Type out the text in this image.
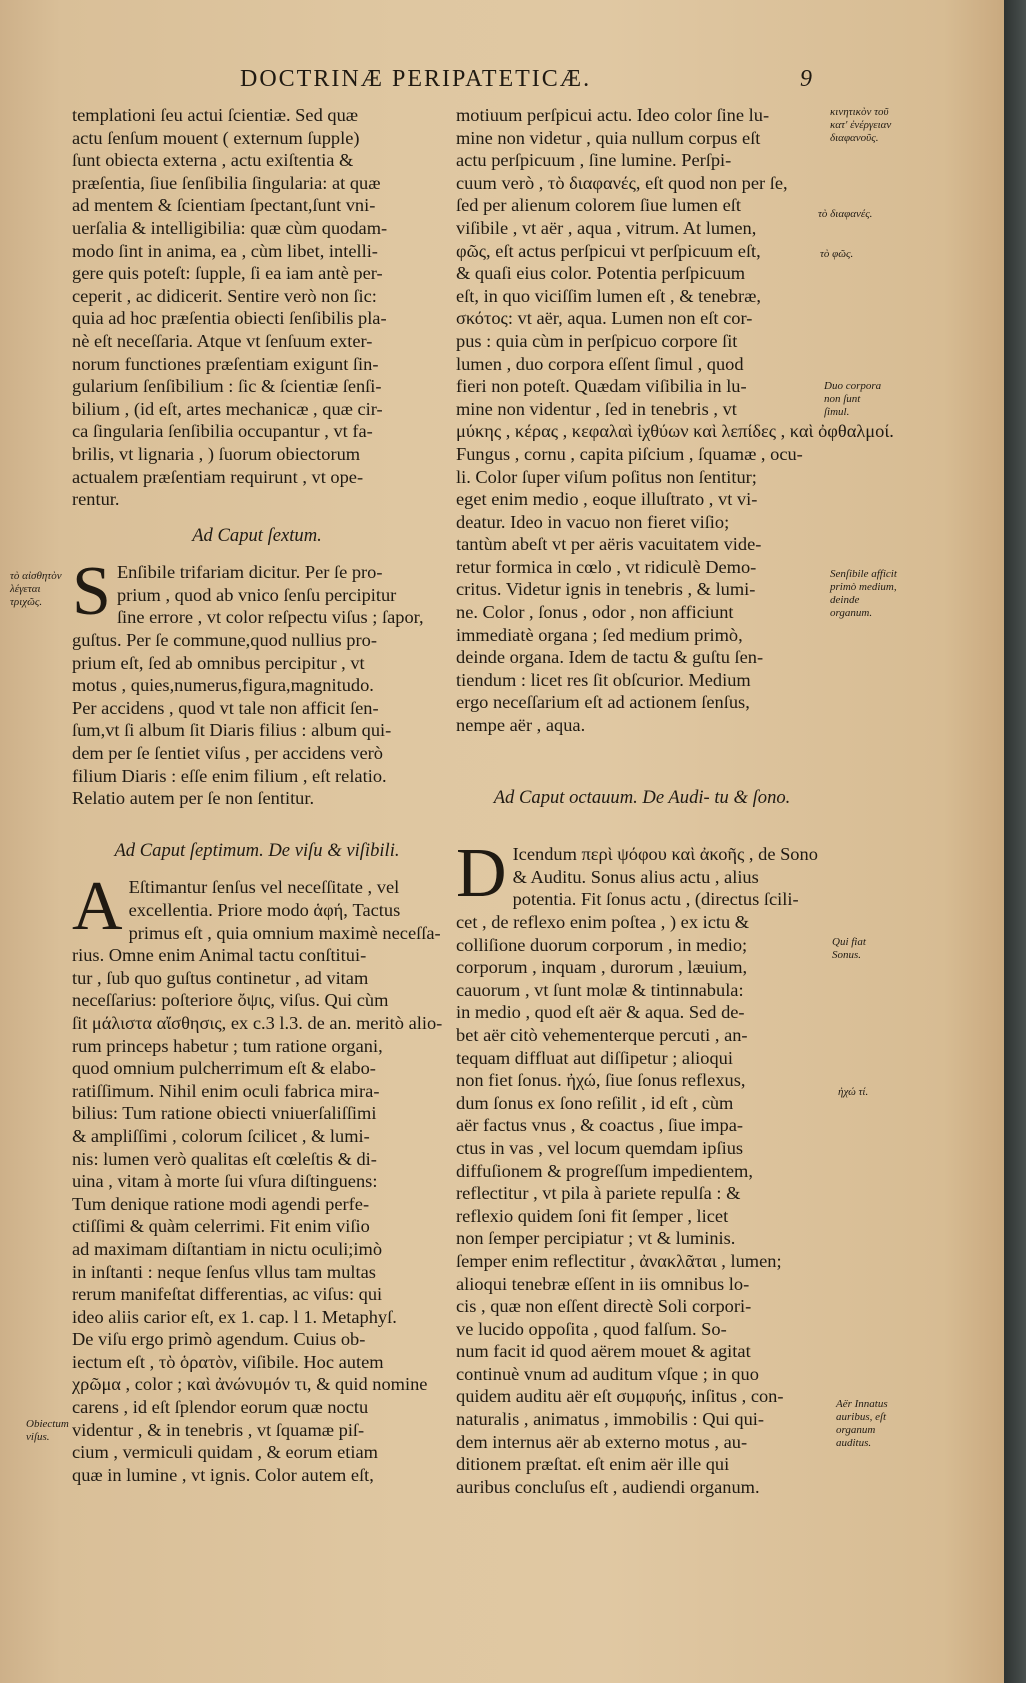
DOCTRINÆ PERIPATETICÆ.	9

templationi ſeu actui ſcientiæ. Sed quæ

actu ſenſum mouent ( externum ſupple)

ſunt obiecta externa , actu exiſtentia &

præſentia, ſiue ſenſibilia ſingularia: at quæ

ad mentem & ſcientiam ſpectant,ſunt vni-

uerſalia & intelligibilia: quæ cùm quodam-

modo ſint in anima, ea , cùm libet, intelli-

gere quis poteſt: ſupple, ſi ea iam antè per-

ceperit , ac didicerit. Sentire verò non ſic:

quia ad hoc præſentia obiecti ſenſibilis pla-

nè eſt neceſſaria. Atque vt ſenſuum exter-

norum functiones præſentiam exigunt ſin-

gularium ſenſibilium : ſic & ſcientiæ ſenſi-

bilium , (id eſt, artes mechanicæ , quæ cir-

ca ſingularia ſenſibilia occupantur , vt fa-

brilis, vt lignaria , ) ſuorum obiectorum

actualem præſentiam requirunt , vt ope-

rentur.

Ad Caput ſextum.
S Enſibile trifariam dicitur. Per ſe pro-

prium , quod ab vnico ſenſu percipitur

ſine errore , vt color reſpectu viſus ; ſapor,

guſtus. Per ſe commune,quod nullius pro-

prium eſt, ſed ab omnibus percipitur , vt

motus , quies,numerus,figura,magnitudo.

Per accidens , quod vt tale non afficit ſen-

ſum,vt ſi album ſit Diaris filius : album qui-

dem per ſe ſentiet viſus , per accidens verò

filium Diaris : eſſe enim filium , eſt relatio.

Relatio autem per ſe non ſentitur.

Ad Caput ſeptimum. De viſu & viſibili.
A Eſtimantur ſenſus vel neceſſitate , vel

excellentia. Priore modo ἁφή, Tactus

primus eſt , quia omnium maximè neceſſa-

rius. Omne enim Animal tactu conſtitui-

tur , ſub quo guſtus continetur , ad vitam

neceſſarius: poſteriore ὄψις, viſus. Qui cùm

ſit μάλιστα αἴσθησις, ex c.3 l.3. de an. meritò alio-

rum princeps habetur ; tum ratione organi,

quod omnium pulcherrimum eſt & elabo-

ratiſſimum. Nihil enim oculi fabrica mira-

bilius: Tum ratione obiecti vniuerſaliſſimi

& ampliſſimi , colorum ſcilicet , & lumi-

nis: lumen verò qualitas eſt cœleſtis & di-

uina , vitam à morte ſui vſura diſtinguens:

Tum denique ratione modi agendi perfe-

ctiſſimi & quàm celerrimi. Fit enim viſio

ad maximam diſtantiam in nictu oculi;imò

in inſtanti : neque ſenſus vllus tam multas

rerum manifeſtat differentias, ac viſus: qui

ideo aliis carior eſt, ex 1. cap. l 1. Metaphyſ.

De viſu ergo primò agendum. Cuius ob-

iectum eſt , τὸ ὁρατὸν, viſibile. Hoc autem

χρῶμα , color ; καὶ ἀνώνυμόν τι, & quid nomine

carens , id eſt ſplendor eorum quæ noctu

videntur , & in tenebris , vt ſquamæ piſ-

cium , vermiculi quidam , & eorum etiam

quæ in lumine , vt ignis. Color autem eſt,

motiuum perſpicui actu. Ideo color ſine lu-

mine non videtur , quia nullum corpus eſt

actu perſpicuum , ſine lumine. Perſpi-

cuum verò , τὸ διαφανές, eſt quod non per ſe,

ſed per alienum colorem ſiue lumen eſt

viſibile , vt aër , aqua , vitrum. At lumen,

φῶς, eſt actus perſpicui vt perſpicuum eſt,

& quaſi eius color. Potentia perſpicuum

eſt, in quo viciſſim lumen eſt , & tenebræ,

σκότος: vt aër, aqua. Lumen non eſt cor-

pus : quia cùm in perſpicuo corpore ſit

lumen , duo corpora eſſent ſimul , quod

fieri non poteſt. Quædam viſibilia in lu-

mine non videntur , ſed in tenebris , vt

μύκης , κέρας , κεφαλαὶ ἰχθύων καὶ λεπίδες , καὶ ὀφθαλμοί.

Fungus , cornu , capita piſcium , ſquamæ , ocu-

li. Color ſuper viſum poſitus non ſentitur;

eget enim medio , eoque illuſtrato , vt vi-

deatur. Ideo in vacuo non fieret viſio;

tantùm abeſt vt per aëris vacuitatem vide-

retur formica in cœlo , vt ridiculè Demo-

critus. Videtur ignis in tenebris , & lumi-

ne. Color , ſonus , odor , non afficiunt

immediatè organa ; ſed medium primò,

deinde organa. Idem de tactu & guſtu ſen-

tiendum : licet res ſit obſcurior. Medium

ergo neceſſarium eſt ad actionem ſenſus,

nempe aër , aqua.

Ad Caput octauum. De Audi- tu & ſono.
D Icendum περὶ ψόφου καὶ ἀκοῆς , de Sono

& Auditu. Sonus alius actu , alius

potentia. Fit ſonus actu , (directus ſcili-

cet , de reflexo enim poſtea , ) ex ictu &

colliſione duorum corporum , in medio;

corporum , inquam , durorum , læuium,

cauorum , vt ſunt molæ & tintinnabula:

in medio , quod eſt aër & aqua. Sed de-

bet aër citò vehementerque percuti , an-

tequam diffluat aut diſſipetur ; alioqui

non fiet ſonus. ἠχώ, ſiue ſonus reflexus,

dum ſonus ex ſono reſilit , id eſt , cùm

aër factus vnus , & coactus , ſiue impa-

ctus in vas , vel locum quemdam ipſius

diffuſionem & progreſſum impedientem,

reflectitur , vt pila à pariete repulſa : &

reflexio quidem ſoni fit ſemper , licet

non ſemper percipiatur ; vt & luminis.

ſemper enim reflectitur , ἀνακλᾶται , lumen;

alioqui tenebræ eſſent in iis omnibus lo-

cis , quæ non eſſent directè Soli corpori-

ve lucido oppoſita , quod falſum. So-

num facit id quod aërem mouet & agitat

continuè vnum ad auditum vſque ; in quo

quidem auditu aër eſt συμφυής, inſitus , con-

naturalis , animatus , immobilis : Qui qui-

dem internus aër ab externo motus , au-

ditionem præſtat. eſt enim aër ille qui

auribus concluſus eſt , audiendi organum.

τὸ αἰσθητὸν λέγεται τριχῶς.
Obiectum viſus.
κινητικὸν τοῦ κατ' ἐνέργειαν διαφανοῦς.
τὸ διαφανές.
τὸ φῶς.
Duo corpora non ſunt ſimul.
Senſibile afficit primò medium, deinde organum.
Qui fiat Sonus.
ἠχώ τί.
Aër Innatus auribus, eſt organum auditus.
